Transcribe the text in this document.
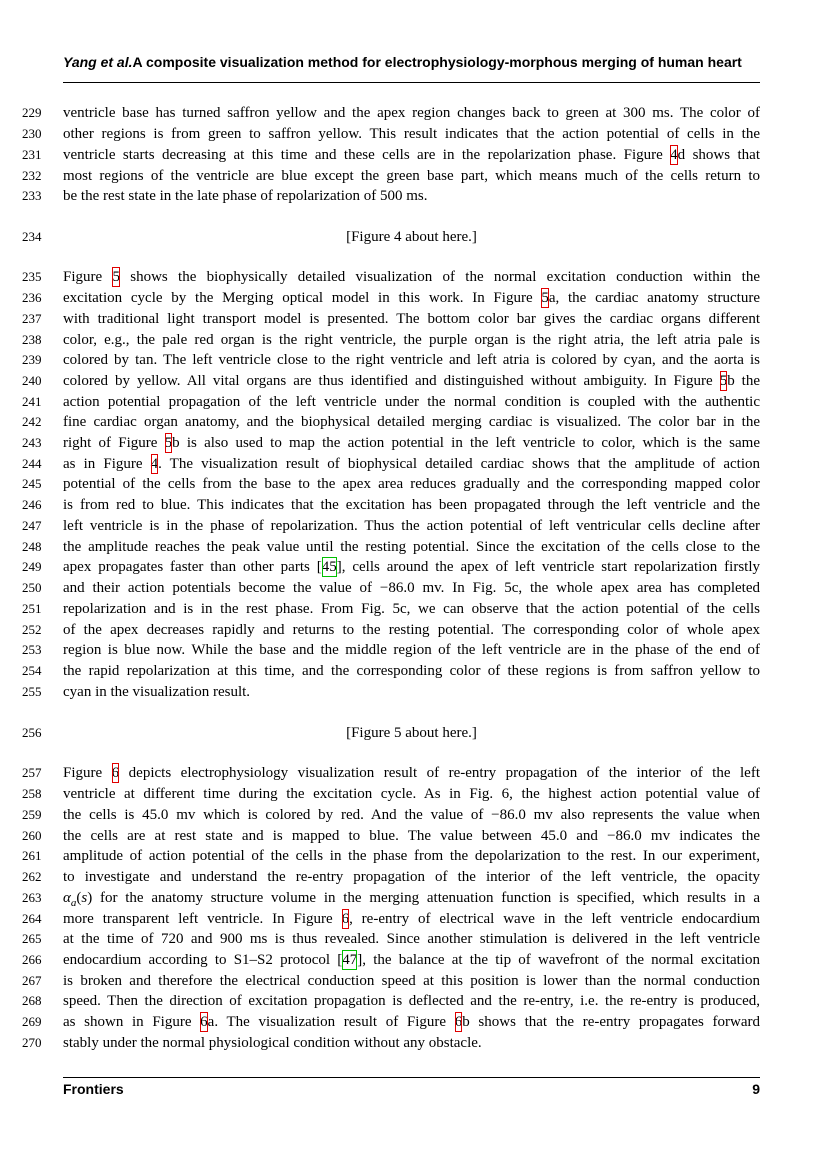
Yang et al.A composite visualization method for electrophysiology-morphous merging of human heart
229	ventricle base has turned saffron yellow and the apex region changes back to green at 300 ms. The color of
230	other regions is from green to saffron yellow. This result indicates that the action potential of cells in the
231	ventricle starts decreasing at this time and these cells are in the repolarization phase. Figure 4d shows that
232	most regions of the ventricle are blue except the green base part, which means much of the cells return to
233	be the rest state in the late phase of repolarization of 500 ms.
234	[Figure 4 about here.]
235	Figure 5 shows the biophysically detailed visualization of the normal excitation conduction within the
236	excitation cycle by the Merging optical model in this work. In Figure 5a, the cardiac anatomy structure
237	with traditional light transport model is presented. The bottom color bar gives the cardiac organs different
238	color, e.g., the pale red organ is the right ventricle, the purple organ is the right atria, the left atria pale is
239	colored by tan. The left ventricle close to the right ventricle and left atria is colored by cyan, and the aorta is
240	colored by yellow. All vital organs are thus identified and distinguished without ambiguity. In Figure 5b the
241	action potential propagation of the left ventricle under the normal condition is coupled with the authentic
242	fine cardiac organ anatomy, and the biophysical detailed merging cardiac is visualized. The color bar in the
243	right of Figure 5b is also used to map the action potential in the left ventricle to color, which is the same
244	as in Figure 4. The visualization result of biophysical detailed cardiac shows that the amplitude of action
245	potential of the cells from the base to the apex area reduces gradually and the corresponding mapped color
246	is from red to blue. This indicates that the excitation has been propagated through the left ventricle and the
247	left ventricle is in the phase of repolarization. Thus the action potential of left ventricular cells decline after
248	the amplitude reaches the peak value until the resting potential. Since the excitation of the cells close to the
249	apex propagates faster than other parts [45], cells around the apex of left ventricle start repolarization firstly
250	and their action potentials become the value of −86.0 mv. In Fig. 5c, the whole apex area has completed
251	repolarization and is in the rest phase. From Fig. 5c, we can observe that the action potential of the cells
252	of the apex decreases rapidly and returns to the resting potential. The corresponding color of whole apex
253	region is blue now. While the base and the middle region of the left ventricle are in the phase of the end of
254	the rapid repolarization at this time, and the corresponding color of these regions is from saffron yellow to
255	cyan in the visualization result.
256	[Figure 5 about here.]
257	Figure 6 depicts electrophysiology visualization result of re-entry propagation of the interior of the left
258	ventricle at different time during the excitation cycle. As in Fig. 6, the highest action potential value of
259	the cells is 45.0 mv which is colored by red. And the value of −86.0 mv also represents the value when
260	the cells are at rest state and is mapped to blue. The value between 45.0 and −86.0 mv indicates the
261	amplitude of action potential of the cells in the phase from the depolarization to the rest. In our experiment,
262	to investigate and understand the re-entry propagation of the interior of the left ventricle, the opacity
263	$\alpha_a(s)$ for the anatomy structure volume in the merging attenuation function is specified, which results in a
264	more transparent left ventricle. In Figure 6, re-entry of electrical wave in the left ventricle endocardium
265	at the time of 720 and 900 ms is thus revealed. Since another stimulation is delivered in the left ventricle
266	endocardium according to S1–S2 protocol [47], the balance at the tip of wavefront of the normal excitation
267	is broken and therefore the electrical conduction speed at this position is lower than the normal conduction
268	speed. Then the direction of excitation propagation is deflected and the re-entry, i.e. the re-entry is produced,
269	as shown in Figure 6a. The visualization result of Figure 6b shows that the re-entry propagates forward
270	stably under the normal physiological condition without any obstacle.
Frontiers	9
